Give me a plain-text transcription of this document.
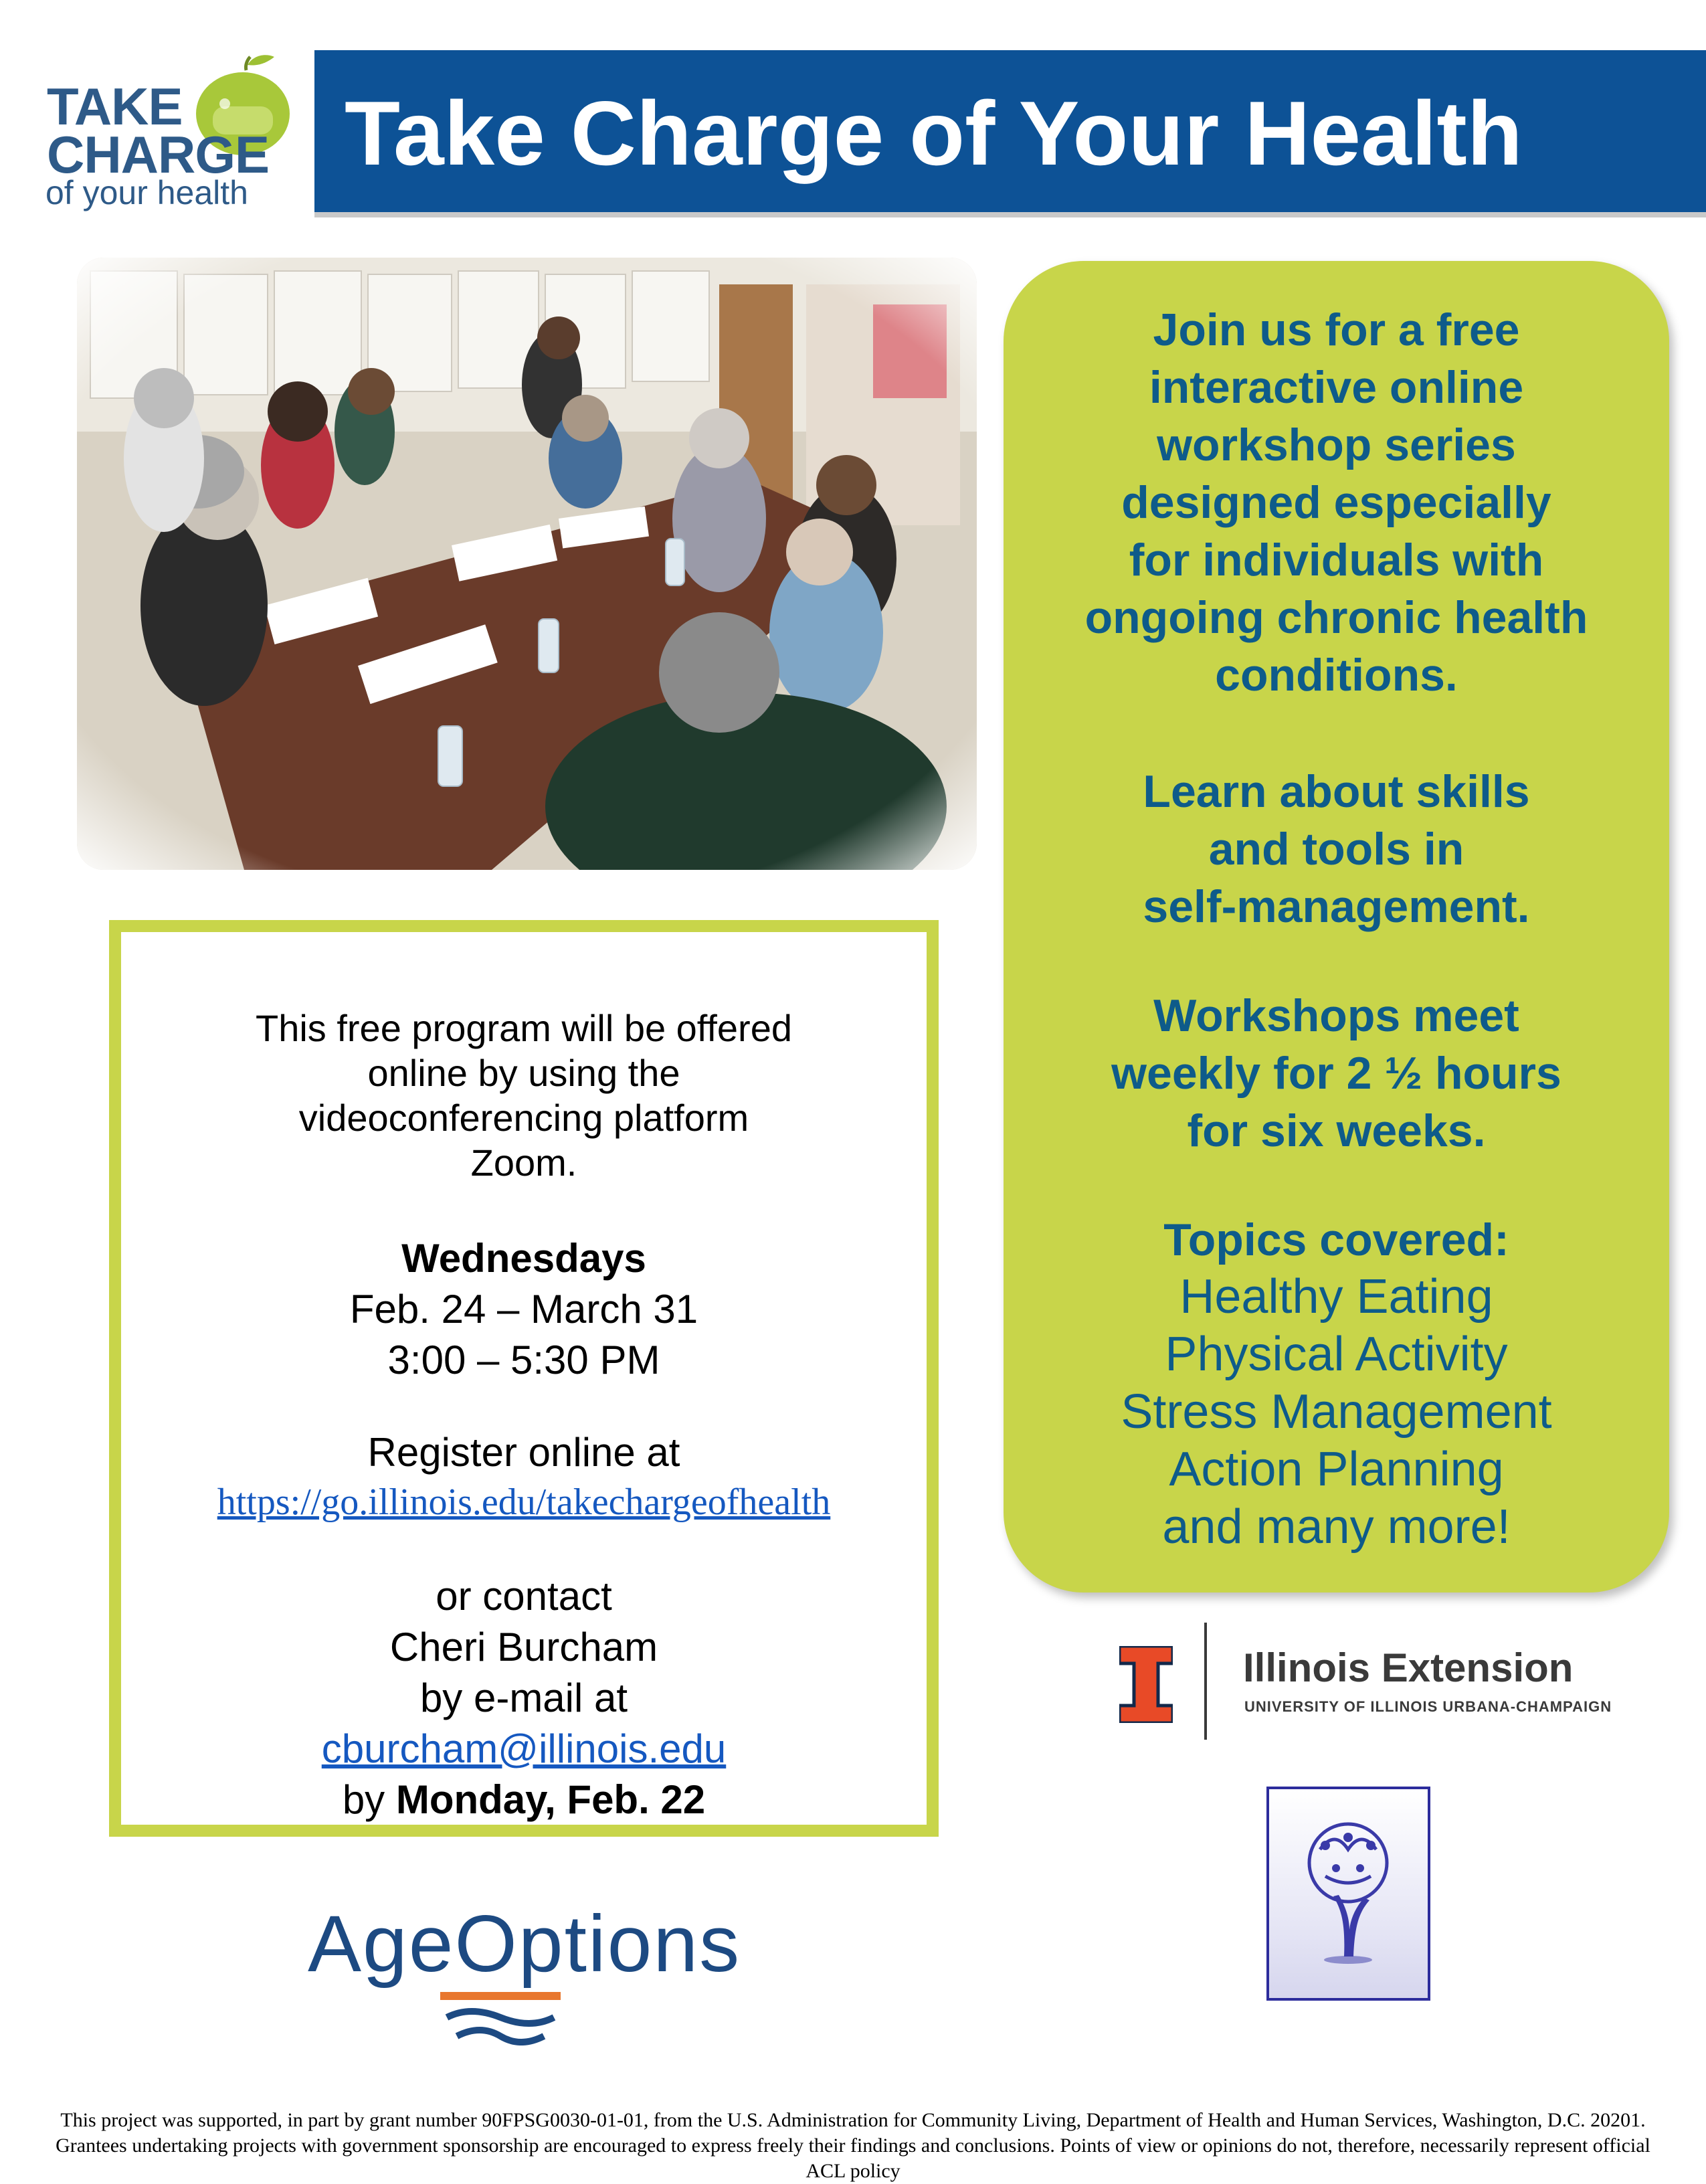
TAKE
CHARGE
of your health
Take Charge of Your Health
This free program will be offered
online by using the
videoconferencing platform
Zoom.
Wednesdays
Feb. 24 – March 31
3:00 – 5:30 PM
Register online at
https://go.illinois.edu/takechargeofhealth
or contact
Cheri Burcham
by e-mail at
cburcham@illinois.edu
by Monday, Feb. 22
Join us for a free
interactive online
workshop series
designed especially
for individuals with
ongoing chronic health
conditions.
Learn about skills
and tools in
self-management.
Workshops meet
weekly for 2 ½ hours
for six weeks.
Topics covered:
Healthy Eating
Physical Activity
Stress Management
Action Planning
and many more!
Illinois Extension
UNIVERSITY OF ILLINOIS URBANA-CHAMPAIGN
AgeOptions
This project was supported, in part by grant number 90FPSG0030-01-01, from the U.S. Administration for Community Living, Department of Health and Human Services, Washington, D.C. 20201. Grantees undertaking projects with government sponsorship are encouraged to express freely their findings and conclusions. Points of view or opinions do not, therefore, necessarily represent official ACL policy
